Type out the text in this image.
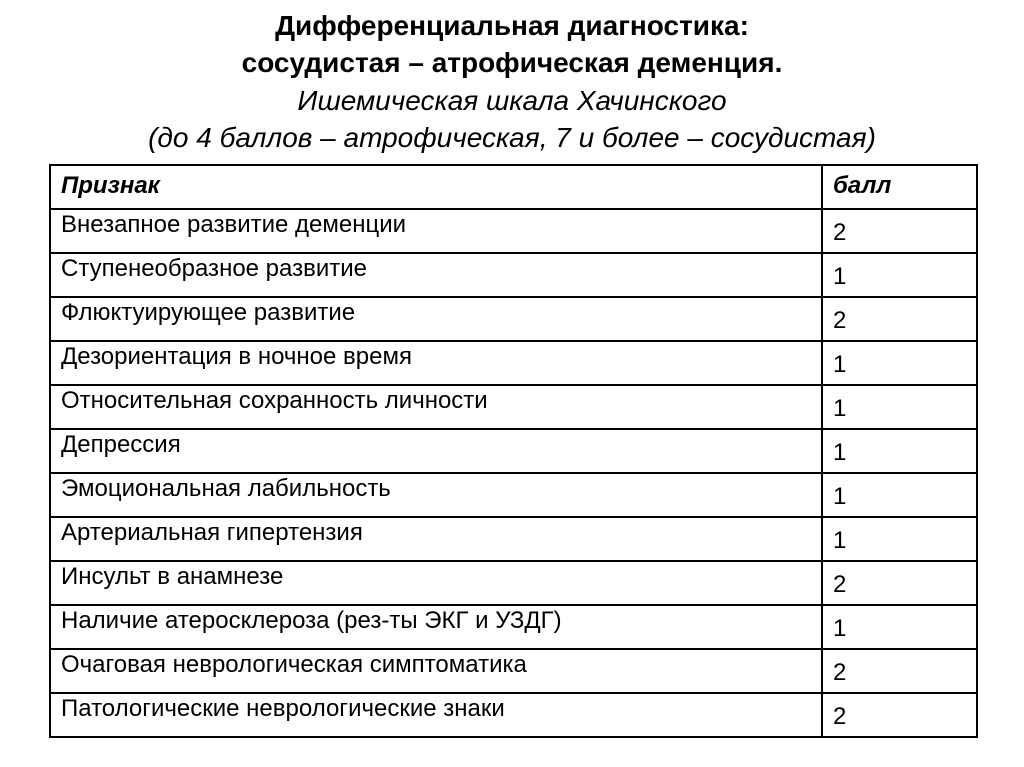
Дифференциальная диагностика:
сосудистая – атрофическая деменция.
Ишемическая шкала Хачинского
(до 4 баллов – атрофическая, 7 и более – сосудистая)
Признак	балл
Внезапное развитие деменции	2
Ступенеобразное развитие	1
Флюктуирующее развитие	2
Дезориентация в ночное время	1
Относительная сохранность личности	1
Депрессия	1
Эмоциональная лабильность	1
Артериальная гипертензия	1
Инсульт в анамнезе	2
Наличие атеросклероза (рез-ты ЭКГ и УЗДГ)	1
Очаговая неврологическая симптоматика	2
Патологические неврологические знаки	2
